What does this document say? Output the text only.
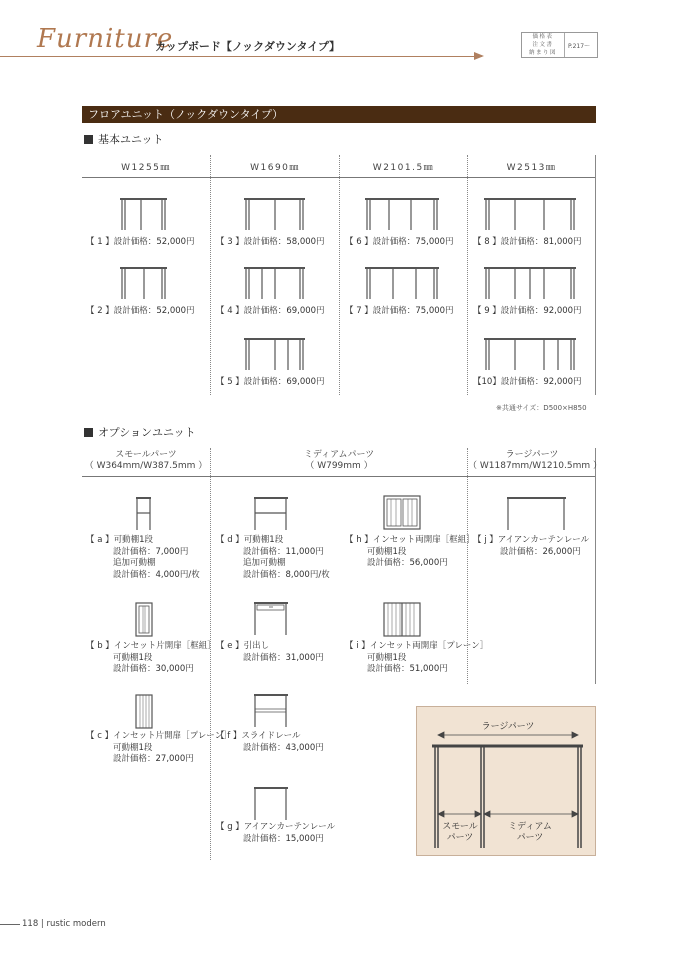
Furniture
カップボード【ノックダウンタイプ】
価格表
注文書
納まり図
P.217～
フロアユニット（ノックダウンタイプ）
基本ユニット
W1255㎜	W1690㎜	W2101.5㎜	W2513㎜
【 1 】設計価格：52,000円
【 2 】設計価格：52,000円
【 3 】設計価格：58,000円
【 4 】設計価格：69,000円
【 5 】設計価格：69,000円
【 6 】設計価格：75,000円
【 7 】設計価格：75,000円
【 8 】設計価格：81,000円
【 9 】設計価格：92,000円
【10】設計価格：92,000円
※共通サイズ：D500×H850
オプションユニット
スモールパーツ
（ W364mm/W387.5mm ）
ミディアムパーツ
（ W799mm ）
ラージパーツ
（ W1187mm/W1210.5mm ）
【 a 】可動棚1段
設計価格：7,000円
追加可動棚
設計価格：4,000円/枚
【 b 】インセット片開扉［框組］
可動棚1段
設計価格：30,000円
【 c 】インセット片開扉［プレーン］
可動棚1段
設計価格：27,000円
【 d 】可動棚1段
設計価格：11,000円
追加可動棚
設計価格：8,000円/枚
【 e 】引出し
設計価格：31,000円
【 f 】スライドレール
設計価格：43,000円
【 g 】アイアンカーテンレール
設計価格：15,000円
【 h 】インセット両開扉［框組］
可動棚1段
設計価格：56,000円
【 i 】インセット両開扉［プレーン］
可動棚1段
設計価格：51,000円
【 j 】アイアンカーテンレール
設計価格：26,000円
ラージパーツ
スモール
パーツ
ミディアム
パーツ
118 | rustic modern
